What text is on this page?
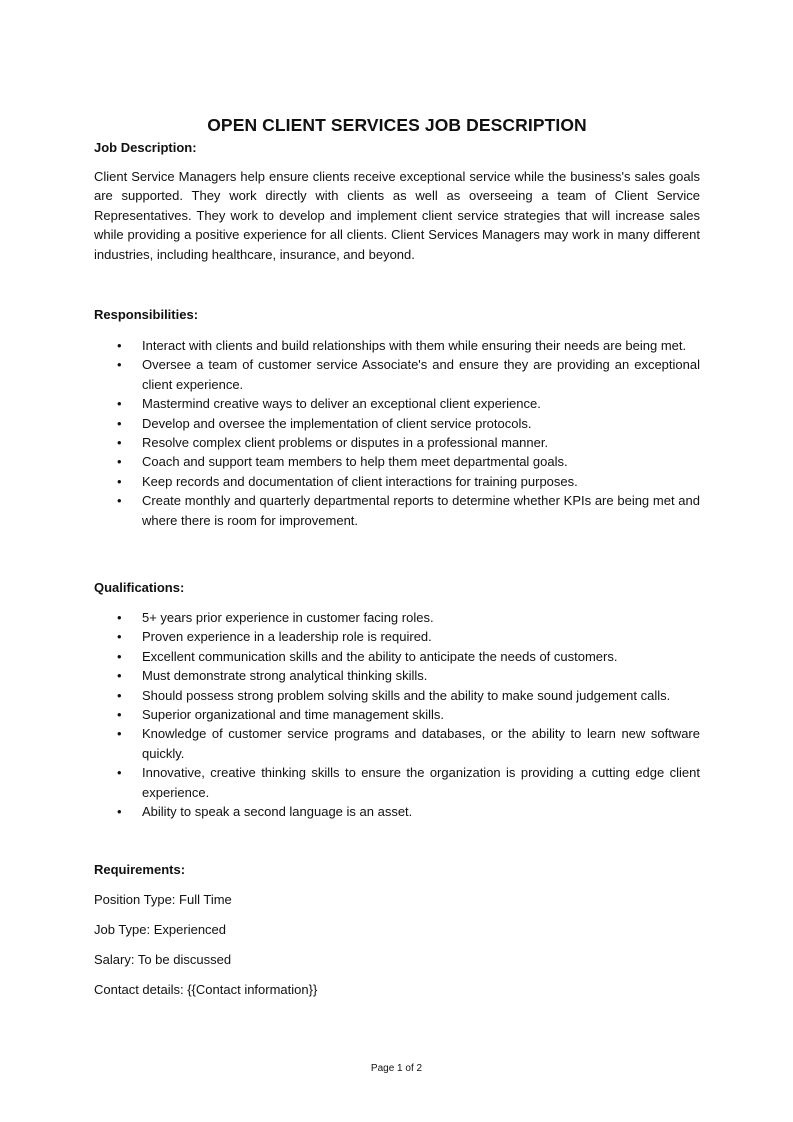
OPEN CLIENT SERVICES JOB DESCRIPTION
Job Description:
Client Service Managers help ensure clients receive exceptional service while the business's sales goals are supported. They work directly with clients as well as overseeing a team of Client Service Representatives. They work to develop and implement client service strategies that will increase sales while providing a positive experience for all clients. Client Services Managers may work in many different industries, including healthcare, insurance, and beyond.
Responsibilities:
• Interact with clients and build relationships with them while ensuring their needs are being met.
• Oversee a team of customer service Associate's and ensure they are providing an exceptional client experience.
• Mastermind creative ways to deliver an exceptional client experience.
• Develop and oversee the implementation of client service protocols.
• Resolve complex client problems or disputes in a professional manner.
• Coach and support team members to help them meet departmental goals.
• Keep records and documentation of client interactions for training purposes.
• Create monthly and quarterly departmental reports to determine whether KPIs are being met and where there is room for improvement.
Qualifications:
• 5+ years prior experience in customer facing roles.
• Proven experience in a leadership role is required.
• Excellent communication skills and the ability to anticipate the needs of customers.
• Must demonstrate strong analytical thinking skills.
• Should possess strong problem solving skills and the ability to make sound judgement calls.
• Superior organizational and time management skills.
• Knowledge of customer service programs and databases, or the ability to learn new software quickly.
• Innovative, creative thinking skills to ensure the organization is providing a cutting edge client experience.
• Ability to speak a second language is an asset.
Requirements:
Position Type: Full Time
Job Type: Experienced
Salary: To be discussed
Contact details: {{Contact information}}
Page 1 of 2
